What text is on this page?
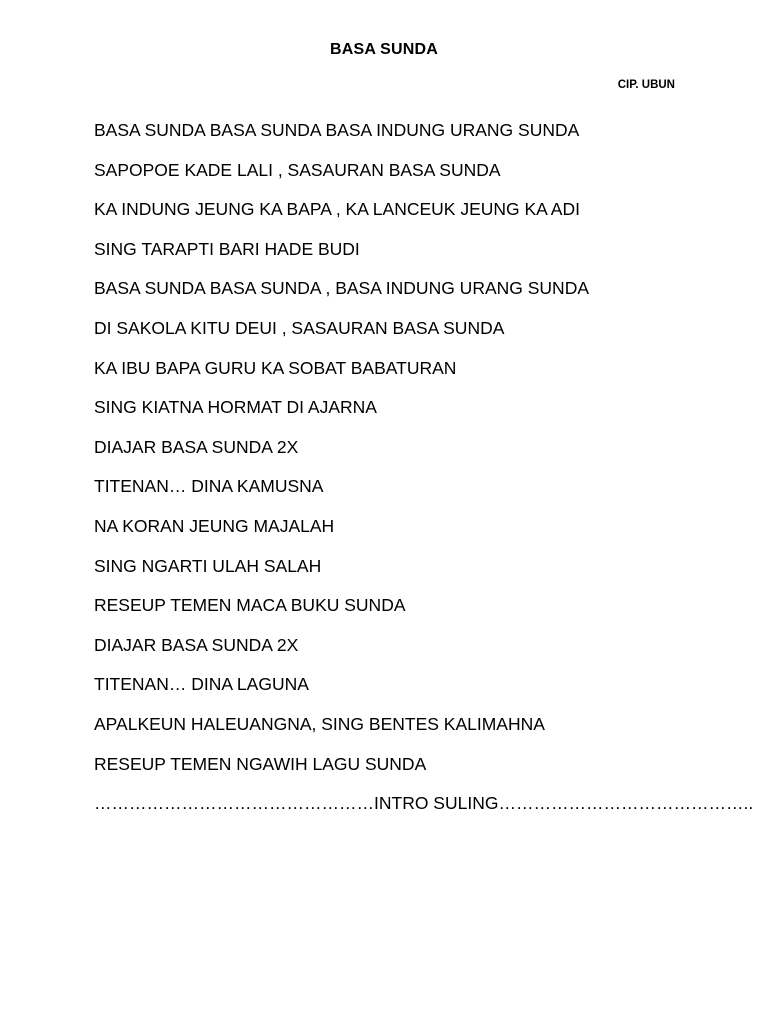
BASA SUNDA
CIP. UBUN
BASA SUNDA BASA SUNDA BASA INDUNG URANG SUNDA
SAPOPOE KADE LALI , SASAURAN BASA SUNDA
KA INDUNG JEUNG KA BAPA , KA LANCEUK JEUNG KA ADI
SING TARAPTI BARI HADE BUDI
BASA SUNDA BASA SUNDA , BASA INDUNG URANG SUNDA
DI SAKOLA KITU DEUI , SASAURAN BASA SUNDA
KA IBU BAPA GURU KA SOBAT BABATURAN
SING KIATNA HORMAT DI AJARNA
DIAJAR BASA SUNDA 2X
TITENAN… DINA KAMUSNA
NA KORAN JEUNG MAJALAH
SING NGARTI ULAH SALAH
RESEUP TEMEN MACA BUKU SUNDA
DIAJAR BASA SUNDA 2X
TITENAN… DINA LAGUNA
APALKEUN HALEUANGNA, SING BENTES KALIMAHNA
RESEUP TEMEN NGAWIH LAGU SUNDA
…………………………………………INTRO SULING……………………………………..
